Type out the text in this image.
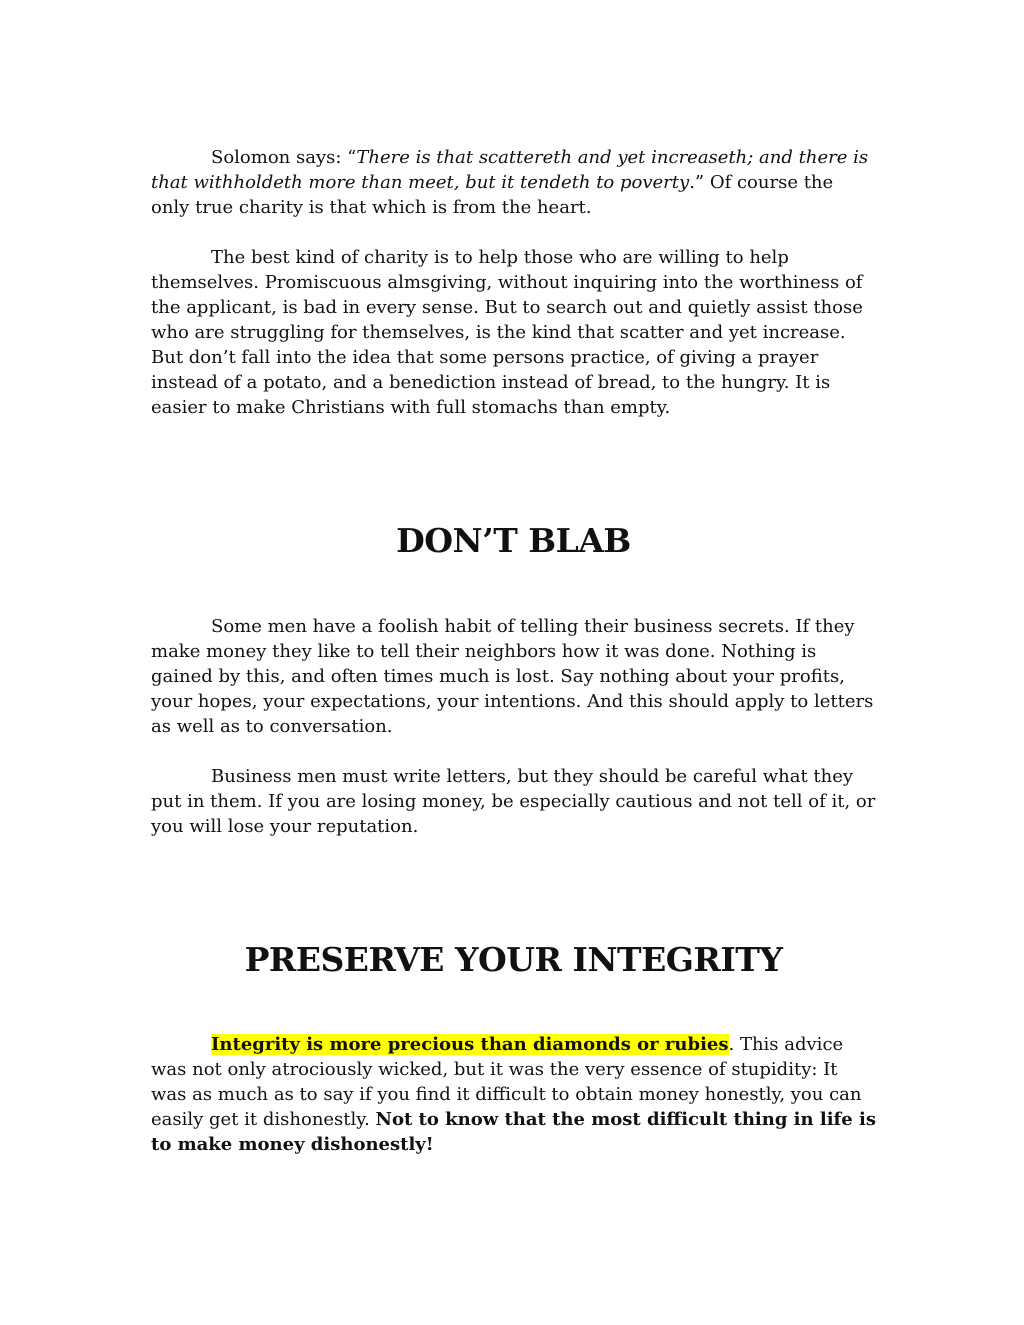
Solomon says: “There is that scattereth and yet increaseth; and there is that withholdeth more than meet, but it tendeth to poverty.” Of course the only true charity is that which is from the heart.

The best kind of charity is to help those who are willing to help themselves. Promiscuous almsgiving, without inquiring into the worthiness of the applicant, is bad in every sense. But to search out and quietly assist those who are struggling for themselves, is the kind that scatter and yet increase. But don’t fall into the idea that some persons practice, of giving a prayer instead of a potato, and a benediction instead of bread, to the hungry. It is easier to make Christians with full stomachs than empty.

DON’T BLAB

Some men have a foolish habit of telling their business secrets. If they make money they like to tell their neighbors how it was done. Nothing is gained by this, and often times much is lost. Say nothing about your profits, your hopes, your expectations, your intentions. And this should apply to letters as well as to conversation.

Business men must write letters, but they should be careful what they put in them. If you are losing money, be especially cautious and not tell of it, or you will lose your reputation.

PRESERVE YOUR INTEGRITY

Integrity is more precious than diamonds or rubies. This advice was not only atrociously wicked, but it was the very essence of stupidity: It was as much as to say if you find it difficult to obtain money honestly, you can easily get it dishonestly. Not to know that the most difficult thing in life is to make money dishonestly!
